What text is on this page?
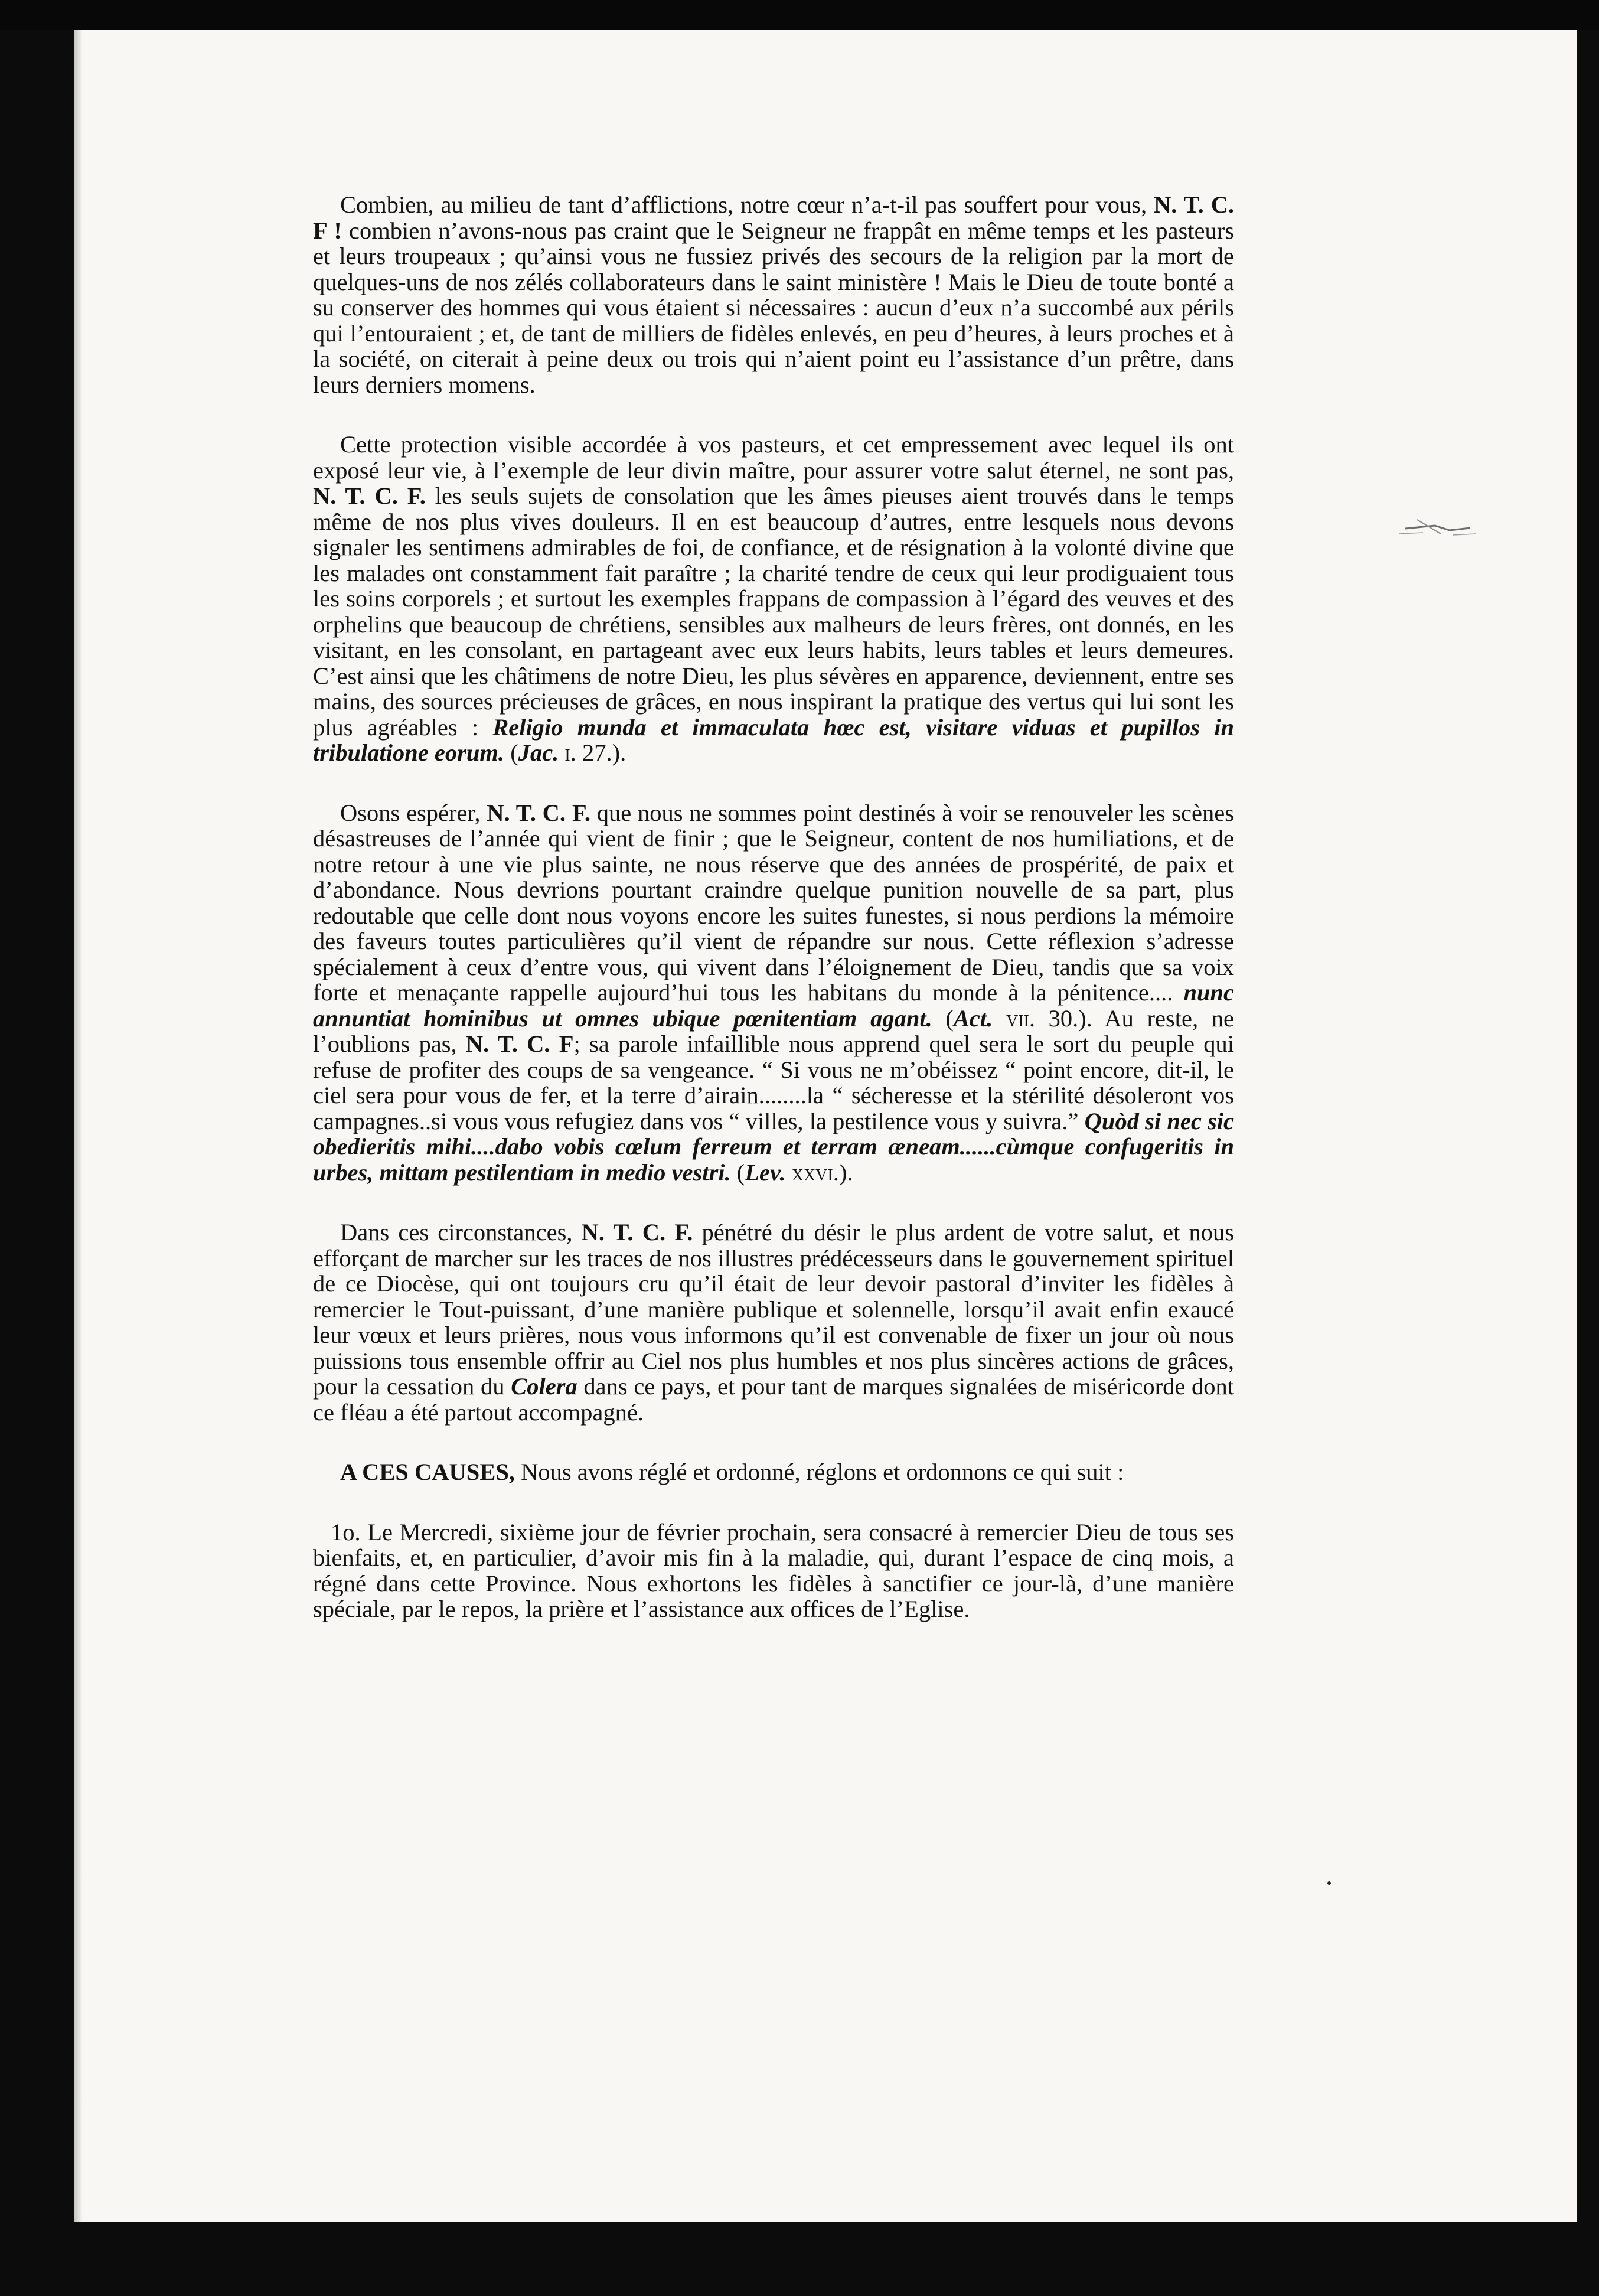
Combien, au milieu de tant d’afflictions, notre cœur n’a-t-il pas souffert pour vous, N. T. C. F ! combien n’avons-nous pas craint que le Seigneur ne frappât en même temps et les pasteurs et leurs troupeaux ; qu’ainsi vous ne fussiez privés des secours de la religion par la mort de quelques-uns de nos zélés collaborateurs dans le saint ministère ! Mais le Dieu de toute bonté a su conserver des hommes qui vous étaient si nécessaires : aucun d’eux n’a succombé aux périls qui l’entouraient ; et, de tant de milliers de fidèles enlevés, en peu d’heures, à leurs proches et à la société, on citerait à peine deux ou trois qui n’aient point eu l’assistance d’un prêtre, dans leurs derniers momens.

Cette protection visible accordée à vos pasteurs, et cet empressement avec lequel ils ont exposé leur vie, à l’exemple de leur divin maître, pour assurer votre salut éternel, ne sont pas, N. T. C. F. les seuls sujets de consolation que les âmes pieuses aient trouvés dans le temps même de nos plus vives douleurs. Il en est beaucoup d’autres, entre lesquels nous devons signaler les sentimens admirables de foi, de confiance, et de résignation à la volonté divine que les malades ont constamment fait paraître ; la charité tendre de ceux qui leur prodiguaient tous les soins corporels ; et surtout les exemples frappans de compassion à l’égard des veuves et des orphelins que beaucoup de chrétiens, sensibles aux malheurs de leurs frères, ont donnés, en les visitant, en les consolant, en partageant avec eux leurs habits, leurs tables et leurs demeures. C’est ainsi que les châtimens de notre Dieu, les plus sévères en apparence, deviennent, entre ses mains, des sources précieuses de grâces, en nous inspirant la pratique des vertus qui lui sont les plus agréables : Religio munda et immaculata hœc est, visitare viduas et pupillos in tribulatione eorum. (Jac. i. 27.).

Osons espérer, N. T. C. F. que nous ne sommes point destinés à voir se renouveler les scènes désastreuses de l’année qui vient de finir ; que le Seigneur, content de nos humiliations, et de notre retour à une vie plus sainte, ne nous réserve que des années de prospérité, de paix et d’abondance. Nous devrions pourtant craindre quelque punition nouvelle de sa part, plus redoutable que celle dont nous voyons encore les suites funestes, si nous perdions la mémoire des faveurs toutes particulières qu’il vient de répandre sur nous. Cette réflexion s’adresse spécialement à ceux d’entre vous, qui vivent dans l’éloignement de Dieu, tandis que sa voix forte et menaçante rappelle aujourd’hui tous les habitans du monde à la pénitence.... nunc annuntiat hominibus ut omnes ubique pœnitentiam agant. (Act. vii. 30.). Au reste, ne l’oublions pas, N. T. C. F; sa parole infaillible nous apprend quel sera le sort du peuple qui refuse de profiter des coups de sa vengeance. “ Si vous ne m’obéissez “ point encore, dit-il, le ciel sera pour vous de fer, et la terre d’airain........la “ sécheresse et la stérilité désoleront vos campagnes..si vous vous refugiez dans vos “ villes, la pestilence vous y suivra.” Quòd si nec sic obedieritis mihi....dabo vobis cœlum ferreum et terram æneam......cùmque confugeritis in urbes, mittam pestilentiam in medio vestri. (Lev. xxvi.).

Dans ces circonstances, N. T. C. F. pénétré du désir le plus ardent de votre salut, et nous efforçant de marcher sur les traces de nos illustres prédécesseurs dans le gouvernement spirituel de ce Diocèse, qui ont toujours cru qu’il était de leur devoir pastoral d’inviter les fidèles à remercier le Tout-puissant, d’une manière publique et solennelle, lorsqu’il avait enfin exaucé leur vœux et leurs prières, nous vous informons qu’il est convenable de fixer un jour où nous puissions tous ensemble offrir au Ciel nos plus humbles et nos plus sincères actions de grâces, pour la cessation du Colera dans ce pays, et pour tant de marques signalées de miséricorde dont ce fléau a été partout accompagné.

A CES CAUSES, Nous avons réglé et ordonné, réglons et ordonnons ce qui suit :

1o. Le Mercredi, sixième jour de février prochain, sera consacré à remercier Dieu de tous ses bienfaits, et, en particulier, d’avoir mis fin à la maladie, qui, durant l’espace de cinq mois, a régné dans cette Province. Nous exhortons les fidèles à sanctifier ce jour-là, d’une manière spéciale, par le repos, la prière et l’assistance aux offices de l’Eglise.
